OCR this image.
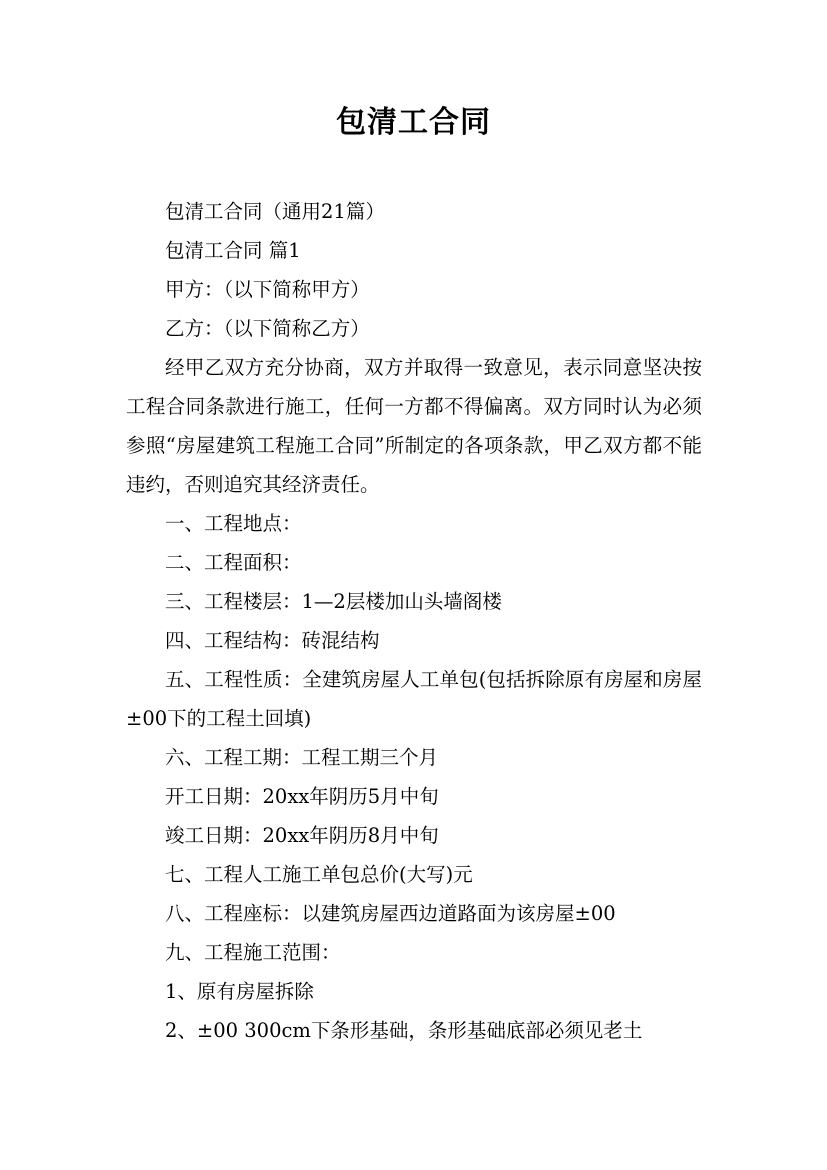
包清工合同

包清工合同（通用21篇）

包清工合同 篇1

甲方：（以下简称甲方）

乙方：（以下简称乙方）

经甲乙双方充分协商，双方并取得一致意见，表示同意坚决按工程合同条款进行施工，任何一方都不得偏离。双方同时认为必须参照“房屋建筑工程施工合同”所制定的各项条款，甲乙双方都不能违约，否则追究其经济责任。

一、工程地点：

二、工程面积：

三、工程楼层：1—2层楼加山头墙阁楼

四、工程结构：砖混结构

五、工程性质：全建筑房屋人工单包(包括拆除原有房屋和房屋±00下的工程土回填)

六、工程工期：工程工期三个月

开工日期：20xx年阴历5月中旬

竣工日期：20xx年阴历8月中旬

七、工程人工施工单包总价(大写)元

八、工程座标：以建筑房屋西边道路面为该房屋±00

九、工程施工范围：

1、原有房屋拆除

2、±00 300cm下条形基础，条形基础底部必须见老土
